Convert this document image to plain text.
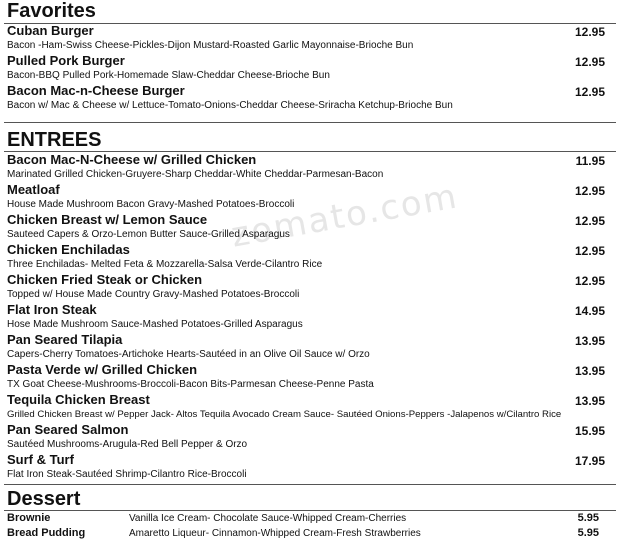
zomato.com
Favorites
Cuban Burger	12.95
Bacon -Ham-Swiss Cheese-Pickles-Dijon Mustard-Roasted Garlic Mayonnaise-Brioche Bun
Pulled Pork Burger	12.95
Bacon-BBQ Pulled Pork-Homemade Slaw-Cheddar Cheese-Brioche Bun
Bacon Mac-n-Cheese Burger	12.95
Bacon w/ Mac & Cheese w/ Lettuce-Tomato-Onions-Cheddar Cheese-Sriracha Ketchup-Brioche Bun
ENTREES
Bacon Mac-N-Cheese w/ Grilled Chicken	11.95
Marinated Grilled Chicken-Gruyere-Sharp Cheddar-White Cheddar-Parmesan-Bacon
Meatloaf	12.95
House Made Mushroom Bacon Gravy-Mashed Potatoes-Broccoli
Chicken Breast w/ Lemon Sauce	12.95
Sauteed Capers & Orzo-Lemon Butter Sauce-Grilled Asparagus
Chicken Enchiladas	12.95
Three Enchiladas- Melted Feta & Mozzarella-Salsa Verde-Cilantro Rice
Chicken Fried Steak or Chicken	12.95
Topped w/ House Made Country Gravy-Mashed Potatoes-Broccoli
Flat Iron Steak	14.95
Hose Made Mushroom Sauce-Mashed Potatoes-Grilled Asparagus
Pan Seared Tilapia	13.95
Capers-Cherry Tomatoes-Artichoke Hearts-Sautéed in an Olive Oil Sauce w/ Orzo
Pasta Verde w/ Grilled Chicken	13.95
TX Goat Cheese-Mushrooms-Broccoli-Bacon Bits-Parmesan Cheese-Penne Pasta
Tequila Chicken Breast	13.95
Grilled Chicken Breast w/ Pepper Jack- Altos Tequila Avocado Cream Sauce- Sautéed Onions-Peppers -Jalapenos w/Cilantro Rice
Pan Seared Salmon	15.95
Sautéed Mushrooms-Arugula-Red Bell Pepper & Orzo
Surf & Turf	17.95
Flat Iron Steak-Sautéed Shrimp-Cilantro Rice-Broccoli
Dessert
Brownie	Vanilla Ice Cream- Chocolate Sauce-Whipped Cream-Cherries	5.95
Bread Pudding	Amaretto Liqueur- Cinnamon-Whipped Cream-Fresh Strawberries	5.95
